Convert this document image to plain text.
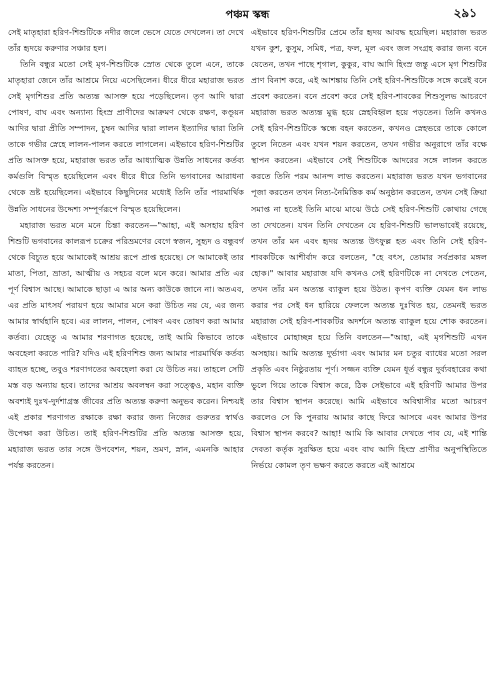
পঞ্চম স্কন্ধ	২৯১

সেই মাতৃহারা হরিণ-শিশুটিকে নদীর জলে ভেসে যেতে দেখলেন। তা দেখে তাঁর হৃদয়ে করুণার সঞ্চার হল।

তিনি বন্ধুর মতো সেই মৃগ-শিশুটিকে স্রোত থেকে তুলে এনে, তাকে মাতৃহারা জেনে তাঁর আশ্রমে নিয়ে এসেছিলেন। ধীরে ধীরে মহারাজ ভরত সেই মৃগশিশুর প্রতি অত্যন্ত আসক্ত হয়ে পড়েছিলেন। তৃণ আদি দ্বারা পোষণ, বাঘ এবং অন্যান্য হিংস্র প্রাণীদের আক্রমণ থেকে রক্ষণ, কণ্ডূয়ন আদির দ্বারা প্রীতি সম্পাদন, চুম্বন আদির দ্বারা লালন ইত্যাদির দ্বারা তিনি তাকে গভীর স্নেহে লালন-পালন করতে লাগলেন। এইভাবে হরিণ-শিশুটির প্রতি আসক্ত হয়ে, মহারাজ ভরত তাঁর আধ্যাত্মিক উন্নতি সাধনের কর্তব্য কর্মগুলি বিস্মৃত হয়েছিলেন এবং ধীরে ধীরে তিনি ভগবানের আরাধনা থেকে ভ্রষ্ট হয়েছিলেন। এইভাবে কিছুদিনের মধ্যেই তিনি তাঁর পারমার্থিক উন্নতি সাধনের উদ্দেশ্য সম্পূর্ণরূপে বিস্মৃত হয়েছিলেন।

মহারাজ ভরত মনে মনে চিন্তা করতেন—"আহা, এই অসহায় হরিণ শিশুটি ভগবানের কালরূপ চক্রের পরিভ্রমণের বেগে স্বজন, সুহৃদ ও বন্ধুবর্গ থেকে বিচ্যুত হয়ে আমাকেই আশ্রয় রূপে প্রাপ্ত হয়েছে। সে আমাকেই তার মাতা, পিতা, ভ্রাতা, আত্মীয় ও সহচর বলে মনে করে। আমার প্রতি এর পূর্ণ বিশ্বাস আছে। আমাকে ছাড়া এ আর অন্য কাউকে জানে না। অতএব, এর প্রতি মাৎসর্য পরায়ণ হয়ে আমার মনে করা উচিত নয় যে, এর জন্য আমার স্বার্থহানি হবে। এর লালন, পালন, পোষণ এবং তোষণ করা আমার কর্তব্য। যেহেতু এ আমার শরণাগত হয়েছে, তাই আমি কিভাবে তাকে অবহেলা করতে পারি? যদিও এই হরিণশিশু জন্য আমার পারমার্থিক কর্তব্য ব্যাহত হচ্ছে, তবুও শরণাগতের অবহেলা করা যে উচিত নয়। তাহলে সেটি মস্ত বড় অন্যায় হবে। তাদের আশ্রয় অবলম্বন করা সত্ত্বেও, মহান ব্যক্তি অবশ্যই দুঃখ-দুর্দশাগ্রস্ত জীবের প্রতি অত্যন্ত করুণা অনুভব করেন। নিশ্চয়ই এই প্রকার শরণাগত রক্ষাকে রক্ষা করার জন্য নিজের গুরুতর স্বার্থও উপেক্ষা করা উচিত। তাই হরিণ-শিশুটির প্রতি অত্যন্ত আসক্ত হয়ে, মহারাজ ভরত তার সঙ্গে উপবেশন, শয়ন, ভ্রমণ, স্নান, এমনকি আহার পর্যন্ত করতেন।

এইভাবে হরিণ-শিশুটির প্রেমে তাঁর হৃদয় আবদ্ধ হয়েছিল। মহারাজ ভরত যখন কুশ, কুসুম, সমিধ, পত্র, ফল, মূল এবং জল সংগ্রহ করার জন্য বনে যেতেন, তখন পাছে শৃগাল, কুকুর, বাঘ আদি হিংস্র জন্তু এসে মৃগ শিশুটির প্রাণ বিনাশ করে, এই আশঙ্কায় তিনি সেই হরিণ-শিশুটিকে সঙ্গে করেই বনে প্রবেশ করতেন। বনে প্রবেশ করে সেই হরিণ-শাবকের শিশুসুলভ আচরণে মহারাজ ভরত অত্যন্ত মুগ্ধ হয়ে স্নেহবিহ্বল হয়ে পড়তেন। তিনি কখনও সেই হরিণ-শিশুটিকে স্কন্ধে বহন করতেন, কখনও স্নেহভরে তাকে কোলে তুলে নিতেন এবং যখন শয়ন করতেন, তখন গভীর অনুরাগে তাঁর বক্ষে স্থাপন করতেন। এইভাবে সেই শিশুটিকে আদরের সঙ্গে লালন করতে করতে তিনি পরম আনন্দ লাভ করতেন। মহারাজ ভরত যখন ভগবানের পূজা করতেন তখন নিত্য-নৈমিত্তিক কর্ম অনুষ্ঠান করতেন, তখন সেই ক্রিয়া সমাপ্ত না হতেই তিনি মাঝে মাঝে উঠে সেই হরিণ-শিশুটি কোথায় গেছে তা দেখতেন। যখন তিনি দেখতেন যে হরিণ-শিশুটি ভালভাবেই রয়েছে, তখন তাঁর মন এবং হৃদয় অত্যন্ত উৎফুল্ল হত এবং তিনি সেই হরিণ-শাবকটিকে আশীর্বাদ করে বলতেন, "হে বৎস, তোমার সর্বপ্রকার মঙ্গল হোক।" আবার মহারাজ যদি কখনও সেই হরিণটিকে না দেখতে পেতেন, তখন তাঁর মন অত্যন্ত ব্যাকুল হয়ে উঠত। কৃপণ ব্যক্তি যেমন ধন লাভ করার পর সেই ধন হারিয়ে ফেললে অত্যন্ত দুঃখিত হয়, তেমনই ভরত মহারাজ সেই হরিণ-শাবকটির অদর্শনে অত্যন্ত ব্যাকুল হয়ে শোক করতেন। এইভাবে মোহাচ্ছন্ন হয়ে তিনি বলতেন—"আহা, এই মৃগশিশুটি এখন অসহায়। আমি অত্যন্ত দুর্ভাগা এবং আমার মন চতুর ব্যাধের মতো সরল প্রকৃতি এবং নিষ্ঠুরতায় পূর্ণ। সজ্জন ব্যক্তি যেমন ধূর্ত বন্ধুর দুর্ব্যবহারের কথা ভুলে গিয়ে তাকে বিশ্বাস করে, ঠিক সেইভাবে এই হরিণটি আমার উপর তার বিশ্বাস স্থাপন করেছে। আমি এইভাবে অবিশ্বাসীর মতো আচরণ করলেও সে কি পুনরায় আমার কাছে ফিরে আসবে এবং আমার উপর বিশ্বাস স্থাপন করবে? আহা! আমি কি আবার দেখতে পাব যে, এই শান্তি দেবতা কর্তৃক সুরক্ষিত হয়ে এবং বাঘ আদি হিংস্র প্রাণীর অনুপস্থিতিতে নির্ভয়ে কোমল তৃণ ভক্ষণ করতে করতে এই আশ্রমে
